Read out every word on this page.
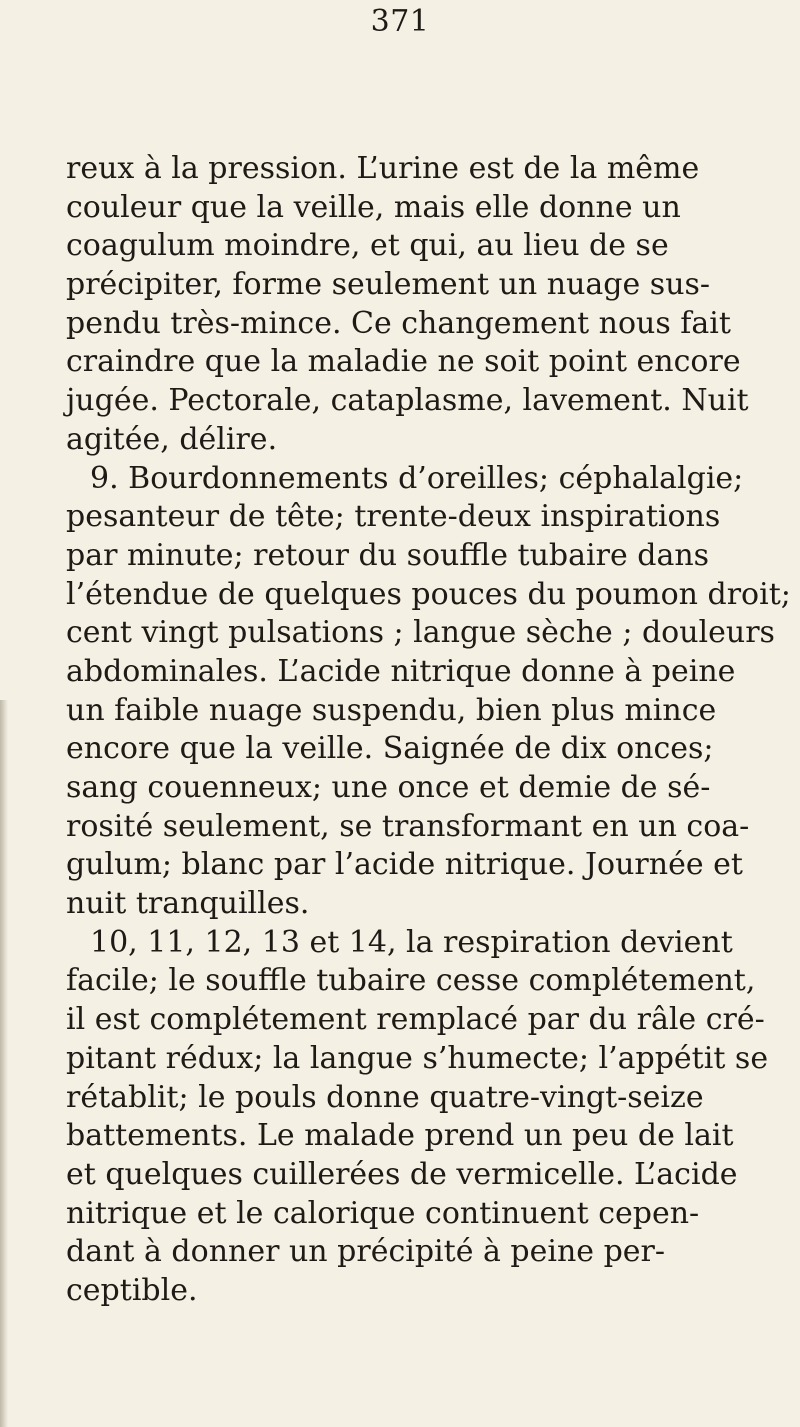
371
reux à la pression. L’urine est de la même
couleur que la veille, mais elle donne un
coagulum moindre, et qui, au lieu de se
précipiter, forme seulement un nuage sus-
pendu très-mince. Ce changement nous fait
craindre que la maladie ne soit point encore
jugée. Pectorale, cataplasme, lavement. Nuit
agitée, délire.
9. Bourdonnements d’oreilles; céphalalgie;
pesanteur de tête; trente-deux inspirations
par minute; retour du souffle tubaire dans
l’étendue de quelques pouces du poumon droit;
cent vingt pulsations ; langue sèche ; douleurs
abdominales. L’acide nitrique donne à peine
un faible nuage suspendu, bien plus mince
encore que la veille. Saignée de dix onces;
sang couenneux; une once et demie de sé-
rosité seulement, se transformant en un coa-
gulum; blanc par l’acide nitrique. Journée et
nuit tranquilles.
10, 11, 12, 13 et 14, la respiration devient
facile; le souffle tubaire cesse complétement,
il est complétement remplacé par du râle cré-
pitant rédux; la langue s’humecte; l’appétit se
rétablit; le pouls donne quatre-vingt-seize
battements. Le malade prend un peu de lait
et quelques cuillerées de vermicelle. L’acide
nitrique et le calorique continuent cepen-
dant à donner un précipité à peine per-
ceptible.
